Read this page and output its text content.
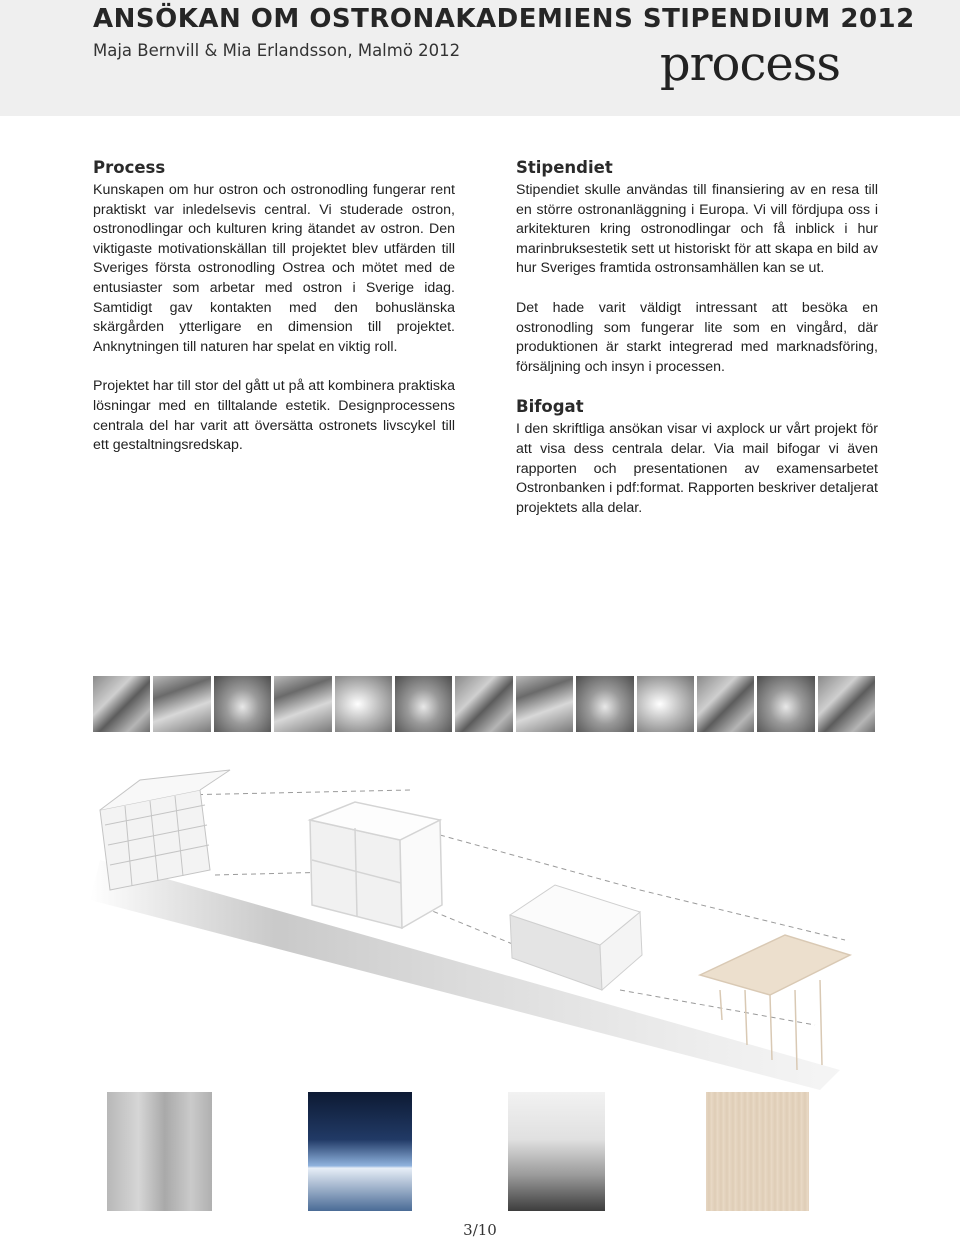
ANSÖKAN OM OSTRONAKADEMIENS STIPENDIUM 2012
Maja Bernvill & Mia Erlandsson, Malmö 2012	process
Process

Kunskapen om hur ostron och ostronodling fungerar rent praktiskt var inledelsevis central. Vi studerade ostron, ostronodlingar och kulturen kring ätandet av ostron. Den viktigaste motivationskällan till projektet blev utfärden till Sveriges första ostronodling Ostrea och mötet med de entusiaster som arbetar med ostron i Sverige idag. Samtidigt gav kontakten med den bohuslänska skärgården ytterligare en dimension till projektet. Anknytningen till naturen har spelat en viktig roll.

Projektet har till stor del gått ut på att kombinera praktiska lösningar med en tilltalande estetik. Designprocessens centrala del har varit att översätta ostronets livscykel till ett gestaltningsredskap.

Stipendiet

Stipendiet skulle användas till finansiering av en resa till en större ostronanläggning i Europa. Vi vill fördjupa oss i arkitekturen kring ostronodlingar och få inblick i hur marinbruksestetik sett ut historiskt för att skapa en bild av hur Sveriges framtida ostronsamhällen kan se ut.

Det hade varit väldigt intressant att besöka en ostronodling som fungerar lite som en vingård, där produktionen är starkt integrerad med marknadsföring, försäljning och insyn i processen.

Bifogat

I den skriftliga ansökan visar vi axplock ur vårt projekt för att visa dess centrala delar. Via mail bifogar vi även rapporten och presentationen av examensarbetet Ostronbanken i pdf:format. Rapporten beskriver detaljerat projektets alla delar.

3/10
